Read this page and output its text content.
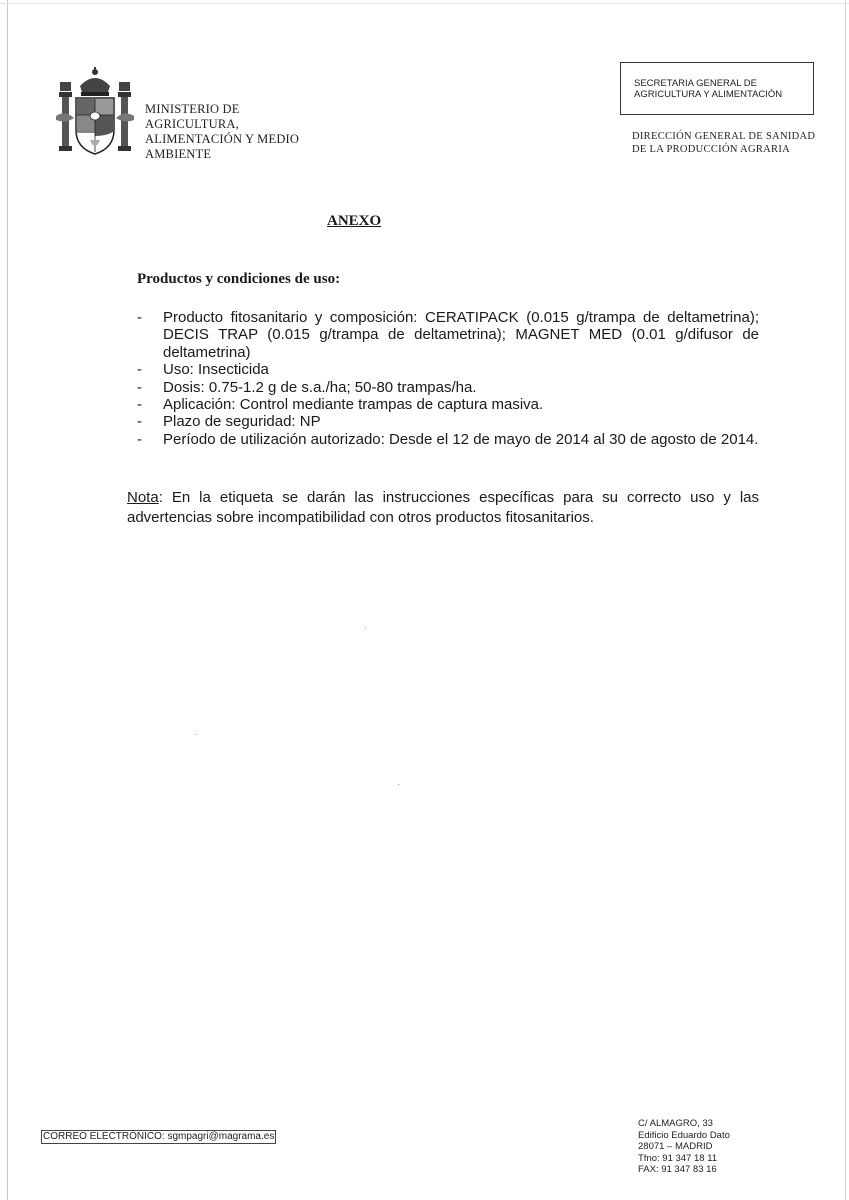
MINISTERIO DE
AGRICULTURA,
ALIMENTACIÓN Y MEDIO
AMBIENTE
SECRETARIA GENERAL DE
AGRICULTURA Y ALIMENTACIÓN
DIRECCIÓN GENERAL DE SANIDAD
DE LA PRODUCCIÓN AGRARIA
ANEXO
Productos y condiciones de uso:
- Producto fitosanitario y composición: CERATIPACK (0.015 g/trampa de deltametrina); DECIS TRAP (0.015 g/trampa de deltametrina); MAGNET MED (0.01 g/difusor de deltametrina)
- Uso: Insecticida
- Dosis: 0.75-1.2 g de s.a./ha; 50-80 trampas/ha.
- Aplicación: Control mediante trampas de captura masiva.
- Plazo de seguridad: NP
- Período de utilización autorizado: Desde el 12 de mayo de 2014 al 30 de agosto de 2014.
Nota: En la etiqueta se darán las instrucciones específicas para su correcto uso y las advertencias sobre incompatibilidad con otros productos fitosanitarios.
CORREO ELECTRÓNICO: sgmpagri@magrama.es
C/ ALMAGRO, 33
Edificio Eduardo Dato
28071 – MADRID
Tfno: 91 347 18 11
FAX: 91 347 83 16
